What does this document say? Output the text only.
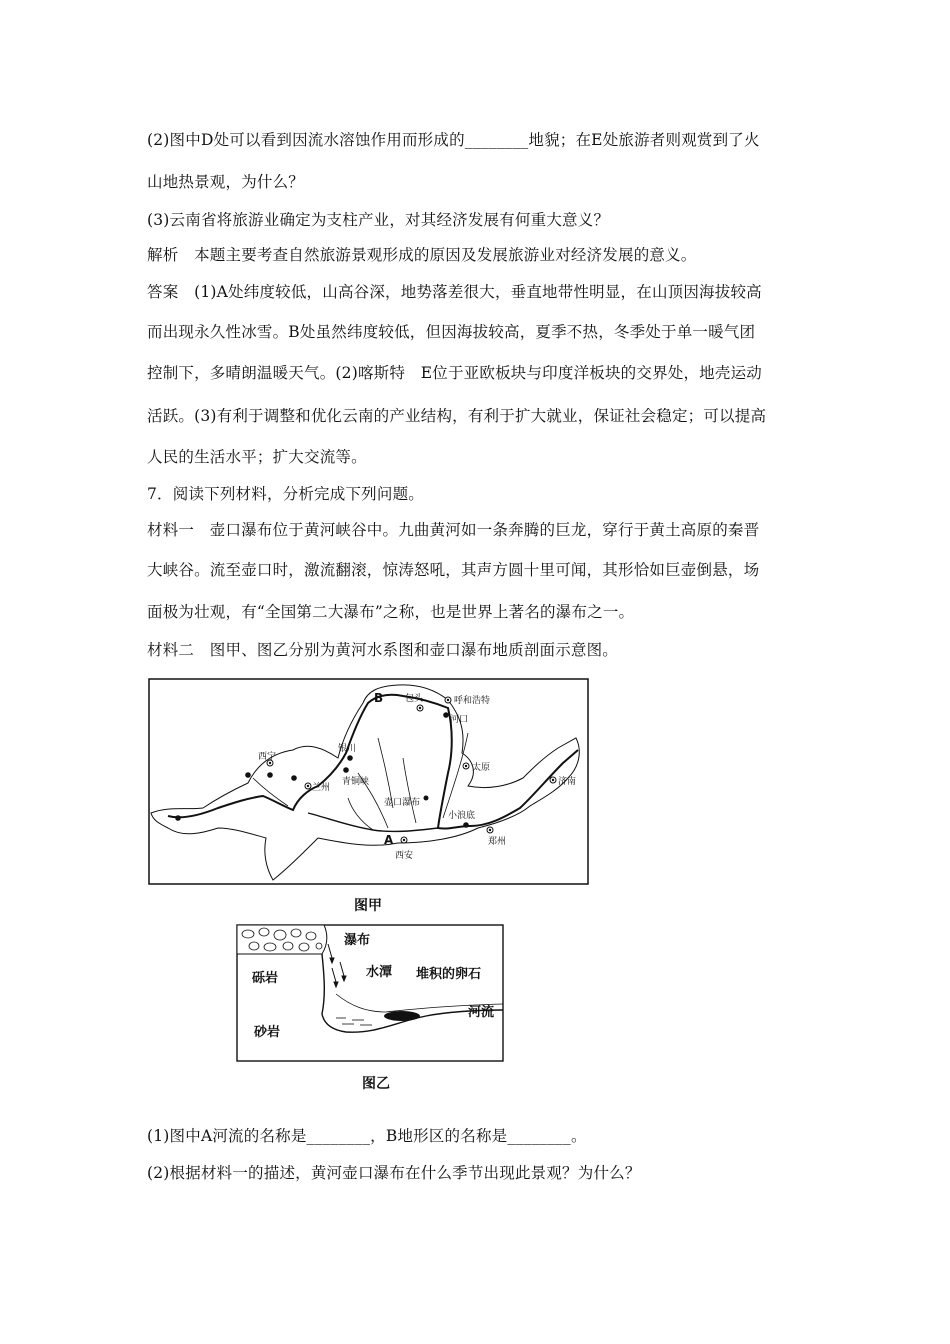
(2)图中D处可以看到因流水溶蚀作用而形成的________地貌；在E处旅游者则观赏到了火
山地热景观，为什么？
(3)云南省将旅游业确定为支柱产业，对其经济发展有何重大意义？
解析　本题主要考查自然旅游景观形成的原因及发展旅游业对经济发展的意义。
答案　(1)A处纬度较低，山高谷深，地势落差很大，垂直地带性明显，在山顶因海拔较高
而出现永久性冰雪。B处虽然纬度较低，但因海拔较高，夏季不热，冬季处于单一暖气团
控制下，多晴朗温暖天气。(2)喀斯特　E位于亚欧板块与印度洋板块的交界处，地壳运动
活跃。(3)有利于调整和优化云南的产业结构，有利于扩大就业，保证社会稳定；可以提高
人民的生活水平；扩大交流等。
7．阅读下列材料，分析完成下列问题。
材料一　壶口瀑布位于黄河峡谷中。九曲黄河如一条奔腾的巨龙，穿行于黄土高原的秦晋
大峡谷。流至壶口时，激流翻滚，惊涛怒吼，其声方圆十里可闻，其形恰如巨壶倒悬，场
面极为壮观，有“全国第二大瀑布”之称，也是世界上著名的瀑布之一。
材料二　图甲、图乙分别为黄河水系图和壶口瀑布地质剖面示意图。
B
A
包头	呼和浩特
河口
银川
青铜峡
太原
济南
西宁
兰州
壶口瀑布
小浪底
郑州
西安
图甲
瀑布
砾岩	水潭 堆积的卵石
河流
砂岩
图乙
(1)图中A河流的名称是________，B地形区的名称是________。
(2)根据材料一的描述，黄河壶口瀑布在什么季节出现此景观？为什么？
